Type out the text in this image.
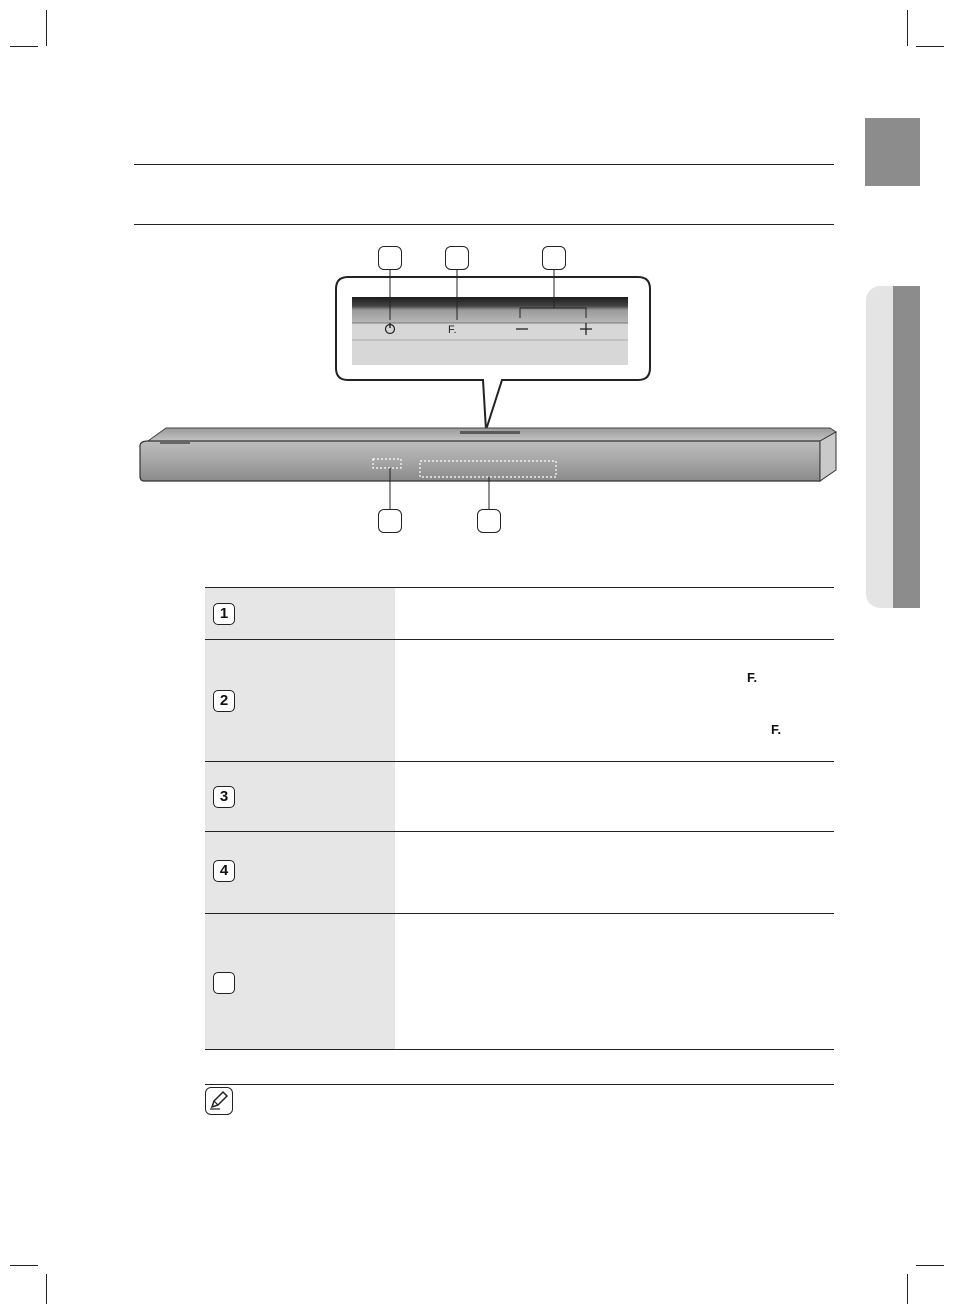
F.
1
2
F.
F.
3
4
